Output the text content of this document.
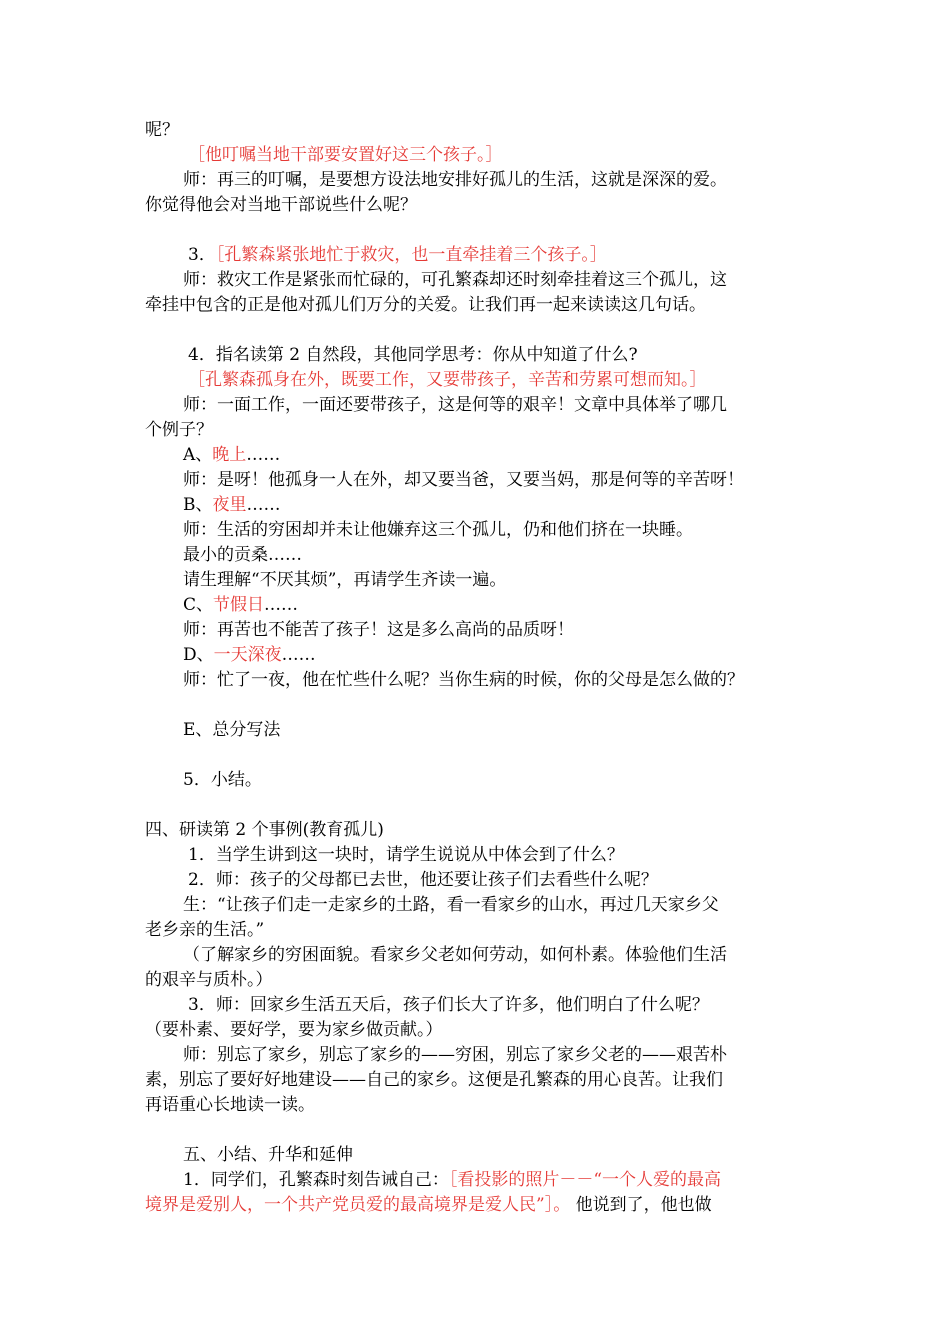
呢？
［他叮嘱当地干部要安置好这三个孩子。］
师：再三的叮嘱，是要想方设法地安排好孤儿的生活，这就是深深的爱。
你觉得他会对当地干部说些什么呢？
3．［孔繁森紧张地忙于救灾，也一直牵挂着三个孩子。］
师：救灾工作是紧张而忙碌的，可孔繁森却还时刻牵挂着这三个孤儿，这
牵挂中包含的正是他对孤儿们万分的关爱。让我们再一起来读读这几句话。
4．指名读第 2 自然段，其他同学思考：你从中知道了什么?
［孔繁森孤身在外，既要工作，又要带孩子，辛苦和劳累可想而知。］
师：一面工作，一面还要带孩子，这是何等的艰辛！文章中具体举了哪几
个例子？
A、晚上……
师：是呀！他孤身一人在外，却又要当爸，又要当妈，那是何等的辛苦呀！
B、夜里……
师：生活的穷困却并未让他嫌弃这三个孤儿，仍和他们挤在一块睡。
最小的贡桑……
请生理解“不厌其烦”，再请学生齐读一遍。
C、节假日……
师：再苦也不能苦了孩子！这是多么高尚的品质呀！
D、一天深夜……
师：忙了一夜，他在忙些什么呢？当你生病的时候，你的父母是怎么做的？
E、总分写法
5．小结。
四、研读第 2 个事例(教育孤儿)
1．当学生讲到这一块时，请学生说说从中体会到了什么？
2．师：孩子的父母都已去世，他还要让孩子们去看些什么呢？
生：“让孩子们走一走家乡的土路，看一看家乡的山水，再过几天家乡父
老乡亲的生活。”
（了解家乡的穷困面貌。看家乡父老如何劳动，如何朴素。体验他们生活
的艰辛与质朴。）
3．师：回家乡生活五天后，孩子们长大了许多，他们明白了什么呢？
（要朴素、要好学，要为家乡做贡献。）
师：别忘了家乡，别忘了家乡的——穷困，别忘了家乡父老的——艰苦朴
素，别忘了要好好地建设——自己的家乡。这便是孔繁森的用心良苦。让我们
再语重心长地读一读。
五、小结、升华和延伸
1．同学们，孔繁森时刻告诫自己：［看投影的照片－－“一个人爱的最高
境界是爱别人，一个共产党员爱的最高境界是爱人民”］。 他说到了，他也做
